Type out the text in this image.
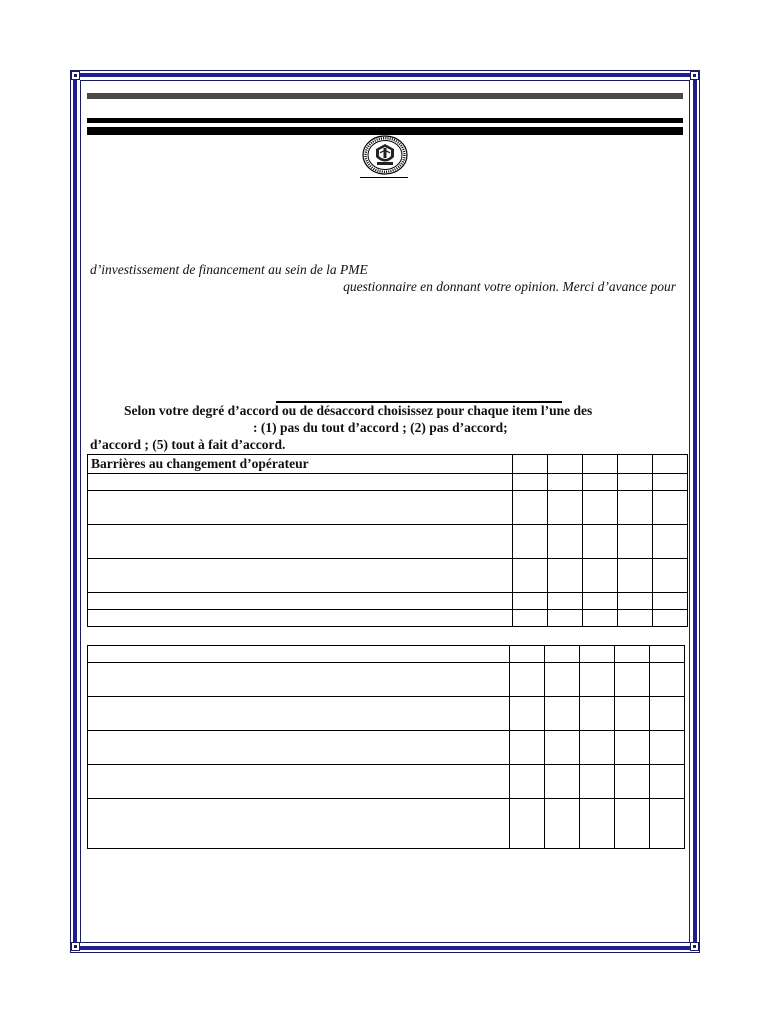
d’investissement de financement au sein de la PME
questionnaire en donnant votre opinion. Merci d’avance pour
Selon votre degré d’accord ou de désaccord choisissez pour chaque item l’une des
: (1) pas du tout d’accord ; (2) pas d’accord;
d’accord ; (5) tout à fait d’accord.
Barrières au changement d’opérateur					
